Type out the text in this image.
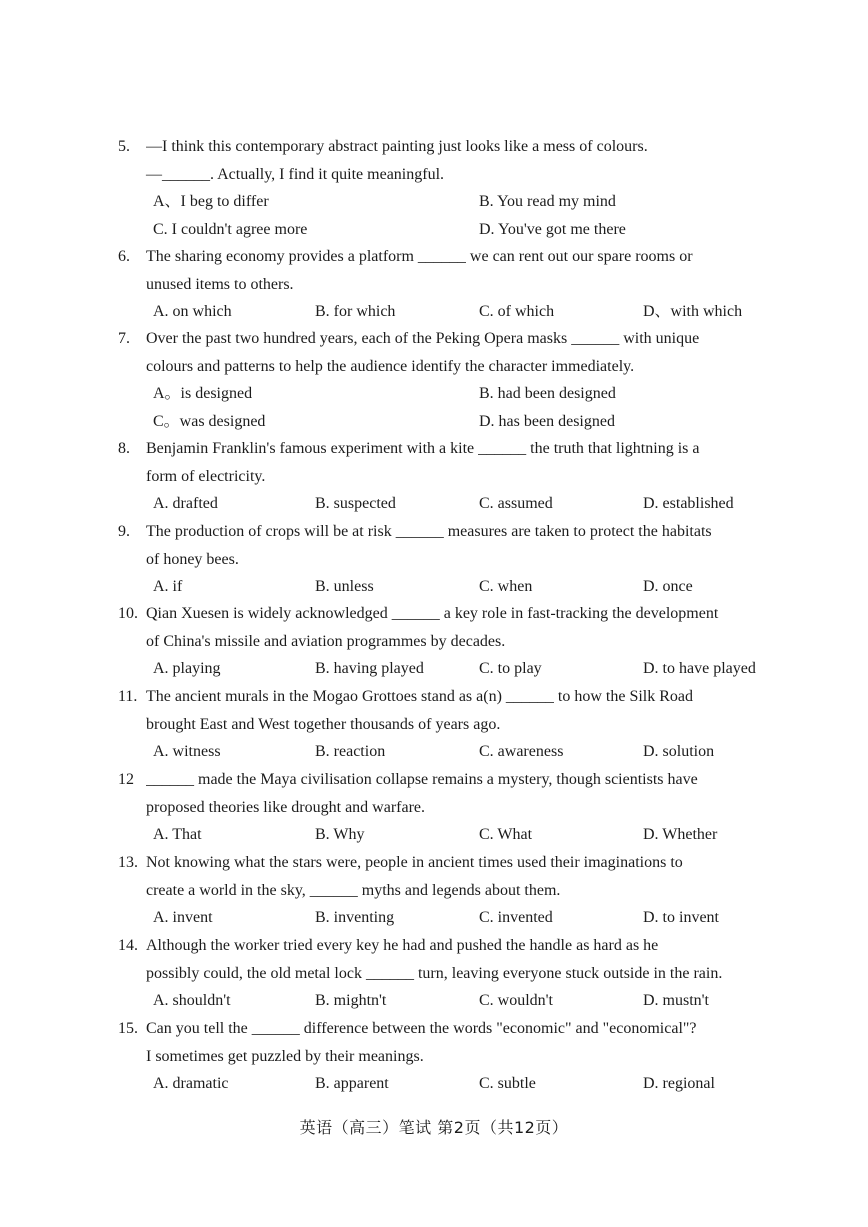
5. —I think this contemporary abstract painting just looks like a mess of colours.
—______. Actually, I find it quite meaningful.
A、I beg to differ	B. You read my mind
C. I couldn't agree more	D. You've got me there
6. The sharing economy provides a platform ______ we can rent out our spare rooms or
unused items to others.
A. on which	B. for which	C. of which	D、with which
7. Over the past two hundred years, each of the Peking Opera masks ______ with unique
colours and patterns to help the audience identify the character immediately.
A。is designed	B. had been designed
C。was designed	D. has been designed
8. Benjamin Franklin's famous experiment with a kite ______ the truth that lightning is a
form of electricity.
A. drafted	B. suspected	C. assumed	D. established
9. The production of crops will be at risk ______ measures are taken to protect the habitats
of honey bees.
A. if	B. unless	C. when	D. once
10. Qian Xuesen is widely acknowledged ______ a key role in fast-tracking the development
of China's missile and aviation programmes by decades.
A. playing	B. having played	C. to play	D. to have played
11. The ancient murals in the Mogao Grottoes stand as a(n) ______ to how the Silk Road
brought East and West together thousands of years ago.
A. witness	B. reaction	C. awareness	D. solution
12 ______ made the Maya civilisation collapse remains a mystery, though scientists have
proposed theories like drought and warfare.
A. That	B. Why	C. What	D. Whether
13. Not knowing what the stars were, people in ancient times used their imaginations to
create a world in the sky, ______ myths and legends about them.
A. invent	B. inventing	C. invented	D. to invent
14. Although the worker tried every key he had and pushed the handle as hard as he
possibly could, the old metal lock ______ turn, leaving everyone stuck outside in the rain.
A. shouldn't	B. mightn't	C. wouldn't	D. mustn't
15. Can you tell the ______ difference between the words "economic" and "economical"?
I sometimes get puzzled by their meanings.
A. dramatic	B. apparent	C. subtle	D. regional
英语（高三）笔试 第2页（共12页）
